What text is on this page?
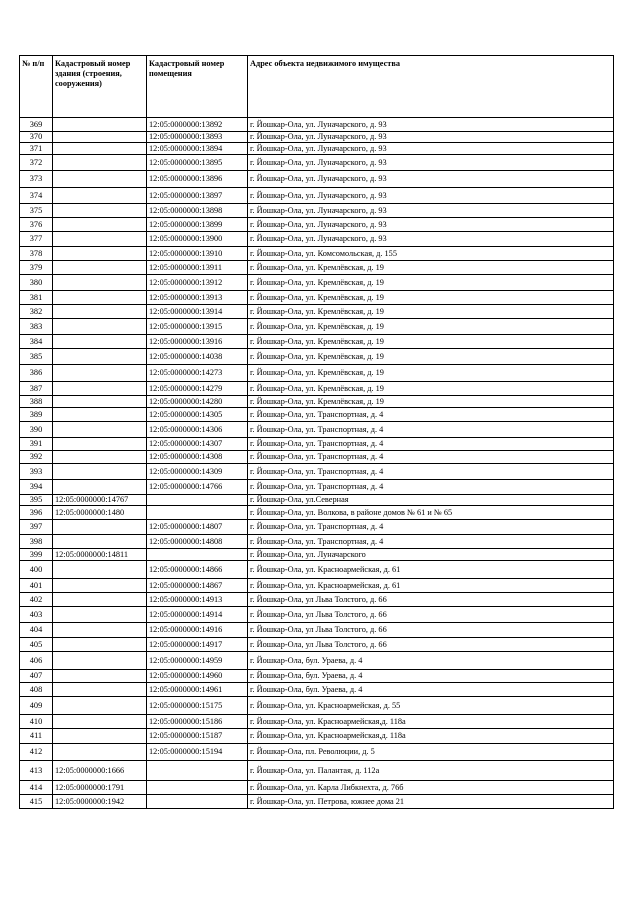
№ п/п	Кадастровый номер здания (строения, сооружения)	Кадастровый номер помещения	Адрес объекта недвижимого имущества
369		12:05:0000000:13892	г. Йошкар-Ола, ул. Луначарского, д. 93
370		12:05:0000000:13893	г. Йошкар-Ола, ул. Луначарского, д. 93
371		12:05:0000000:13894	г. Йошкар-Ола, ул. Луначарского, д. 93
372		12:05:0000000:13895	г. Йошкар-Ола, ул. Луначарского, д. 93
373		12:05:0000000:13896	г. Йошкар-Ола, ул. Луначарского, д. 93
374		12:05:0000000:13897	г. Йошкар-Ола, ул. Луначарского, д. 93
375		12:05:0000000:13898	г. Йошкар-Ола, ул. Луначарского, д. 93
376		12:05:0000000:13899	г. Йошкар-Ола, ул. Луначарского, д. 93
377		12:05:0000000:13900	г. Йошкар-Ола, ул. Луначарского, д. 93
378		12:05:0000000:13910	г. Йошкар-Ола, ул. Комсомольская, д. 155
379		12:05:0000000:13911	г. Йошкар-Ола, ул. Кремлёвская, д. 19
380		12:05:0000000:13912	г. Йошкар-Ола, ул. Кремлёвская, д. 19
381		12:05:0000000:13913	г. Йошкар-Ола, ул. Кремлёвская, д. 19
382		12:05:0000000:13914	г. Йошкар-Ола, ул. Кремлёвская, д. 19
383		12:05:0000000:13915	г. Йошкар-Ола, ул. Кремлёвская, д. 19
384		12:05:0000000:13916	г. Йошкар-Ола, ул. Кремлёвская, д. 19
385		12:05:0000000:14038	г. Йошкар-Ола, ул. Кремлёвская, д. 19
386		12:05:0000000:14273	г. Йошкар-Ола, ул. Кремлёвская, д. 19
387		12:05:0000000:14279	г. Йошкар-Ола, ул. Кремлёвская, д. 19
388		12:05:0000000:14280	г. Йошкар-Ола, ул. Кремлёвская, д. 19
389		12:05:0000000:14305	г. Йошкар-Ола, ул. Транспортная, д. 4
390		12:05:0000000:14306	г. Йошкар-Ола, ул. Транспортная, д. 4
391		12:05:0000000:14307	г. Йошкар-Ола, ул. Транспортная, д. 4
392		12:05:0000000:14308	г. Йошкар-Ола, ул. Транспортная, д. 4
393		12:05:0000000:14309	г. Йошкар-Ола, ул. Транспортная, д. 4
394		12:05:0000000:14766	г. Йошкар-Ола, ул. Транспортная, д. 4
395	12:05:0000000:14767		г. Йошкар-Ола, ул.Северная
396	12:05:0000000:1480		г. Йошкар-Ола, ул. Волкова, в районе домов № 61 и № 65
397		12:05:0000000:14807	г. Йошкар-Ола, ул. Транспортная, д. 4
398		12:05:0000000:14808	г. Йошкар-Ола, ул. Транспортная, д. 4
399	12:05:0000000:14811		г. Йошкар-Ола, ул. Луначарского
400		12:05:0000000:14866	г. Йошкар-Ола, ул. Красноармейская, д. 61
401		12:05:0000000:14867	г. Йошкар-Ола, ул. Красноармейская, д. 61
402		12:05:0000000:14913	г. Йошкар-Ола, ул Льва Толстого, д. 66
403		12:05:0000000:14914	г. Йошкар-Ола, ул Льва Толстого, д. 66
404		12:05:0000000:14916	г. Йошкар-Ола, ул Льва Толстого, д. 66
405		12:05:0000000:14917	г. Йошкар-Ола, ул Льва Толстого, д. 66
406		12:05:0000000:14959	г. Йошкар-Ола, бул. Ураева, д. 4
407		12:05:0000000:14960	г. Йошкар-Ола, бул. Ураева, д. 4
408		12:05:0000000:14961	г. Йошкар-Ола, бул. Ураева, д. 4
409		12:05:0000000:15175	г. Йошкар-Ола, ул. Красноармейская, д. 55
410		12:05:0000000:15186	г. Йошкар-Ола, ул. Красноармейская,д. 118а
411		12:05:0000000:15187	г. Йошкар-Ола, ул. Красноармейская,д. 118а
412		12:05:0000000:15194	г. Йошкар-Ола, пл. Революции, д. 5
413	12:05:0000000:1666		г. Йошкар-Ола, ул. Палантая, д. 112а
414	12:05:0000000:1791		г. Йошкар-Ола, ул. Карла Либкнехта, д. 76б
415	12:05:0000000:1942		г. Йошкар-Ола, ул. Петрова, южнее дома 21
